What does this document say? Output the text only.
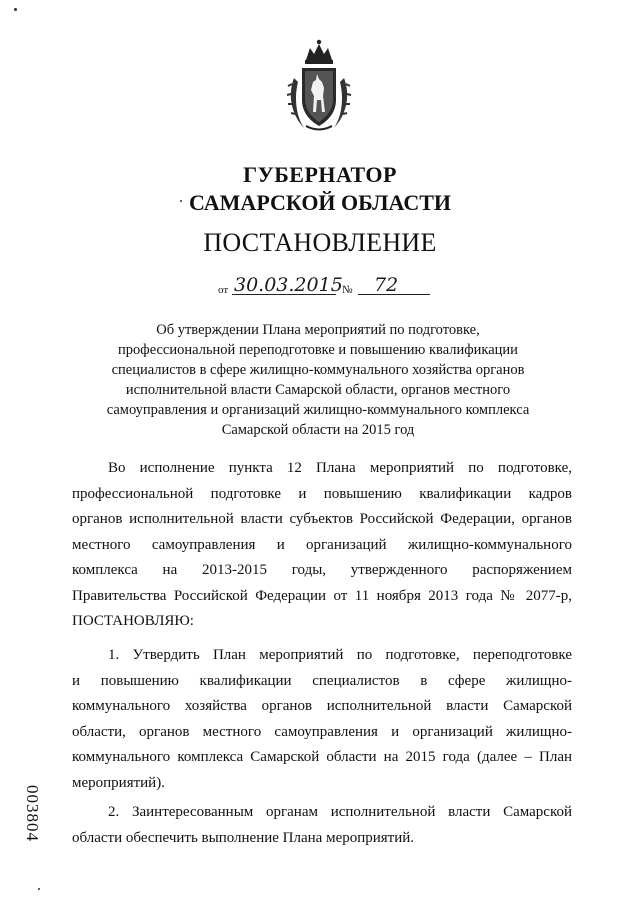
ГУБЕРНАТОР
САМАРСКОЙ ОБЛАСТИ
ПОСТАНОВЛЕНИЕ
от 30.03.2015 № 72
Об утверждении Плана мероприятий по подготовке,
профессиональной переподготовке и повышению квалификации
специалистов в сфере жилищно-коммунального хозяйства органов
исполнительной власти Самарской области, органов местного
самоуправления и организаций жилищно-коммунального комплекса
Самарской области на 2015 год
Во исполнение пункта 12 Плана мероприятий по подготовке,
профессиональной подготовке и повышению квалификации кадров
органов исполнительной власти субъектов Российской Федерации, органов
местного самоуправления и организаций жилищно-коммунального
комплекса на 2013-2015 годы, утвержденного распоряжением
Правительства Российской Федерации от 11 ноября 2013 года № 2077-р,
ПОСТАНОВЛЯЮ:
1. Утвердить План мероприятий по подготовке, переподготовке
и повышению квалификации специалистов в сфере жилищно-
коммунального хозяйства органов исполнительной власти Самарской
области, органов местного самоуправления и организаций жилищно-
коммунального комплекса Самарской области на 2015 года (далее – План
мероприятий).
2. Заинтересованным органам исполнительной власти Самарской
области обеспечить выполнение Плана мероприятий.
003804
